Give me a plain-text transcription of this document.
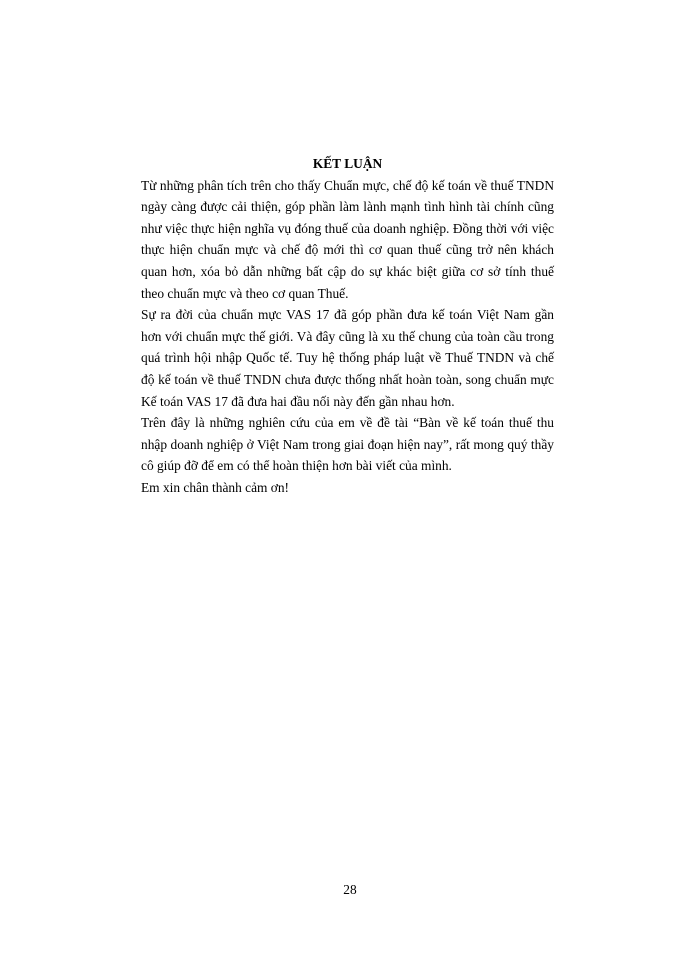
KẾT LUẬN

Từ những phân tích trên cho thấy Chuẩn mực, chế độ kế toán về thuế TNDN ngày càng được cải thiện, góp phần làm lành mạnh tình hình tài chính cũng như việc thực hiện nghĩa vụ đóng thuế của doanh nghiệp. Đồng thời với việc thực hiện chuẩn mực và chế độ mới thì cơ quan thuế cũng trở nên khách quan hơn, xóa bỏ dẫn những bất cập do sự khác biệt giữa cơ sở tính thuế theo chuẩn mực và theo cơ quan Thuế.

Sự ra đời của chuẩn mực VAS 17 đã góp phần đưa kế toán Việt Nam gần hơn với chuẩn mực thế giới. Và đây cũng là xu thế chung của toàn cầu trong quá trình hội nhập Quốc tế. Tuy hệ thống pháp luật về Thuế TNDN và chế độ kế toán về thuế TNDN chưa được thống nhất hoàn toàn, song chuẩn mực Kế toán VAS 17 đã đưa hai đầu nối này đến gần nhau hơn.

Trên đây là những nghiên cứu của em về đề tài “Bàn về kế toán thuế thu nhập doanh nghiệp ở Việt Nam trong giai đoạn hiện nay”, rất mong quý thầy cô giúp đỡ để em có thể hoàn thiện hơn bài viết của mình.

Em xin chân thành cảm ơn!

28
